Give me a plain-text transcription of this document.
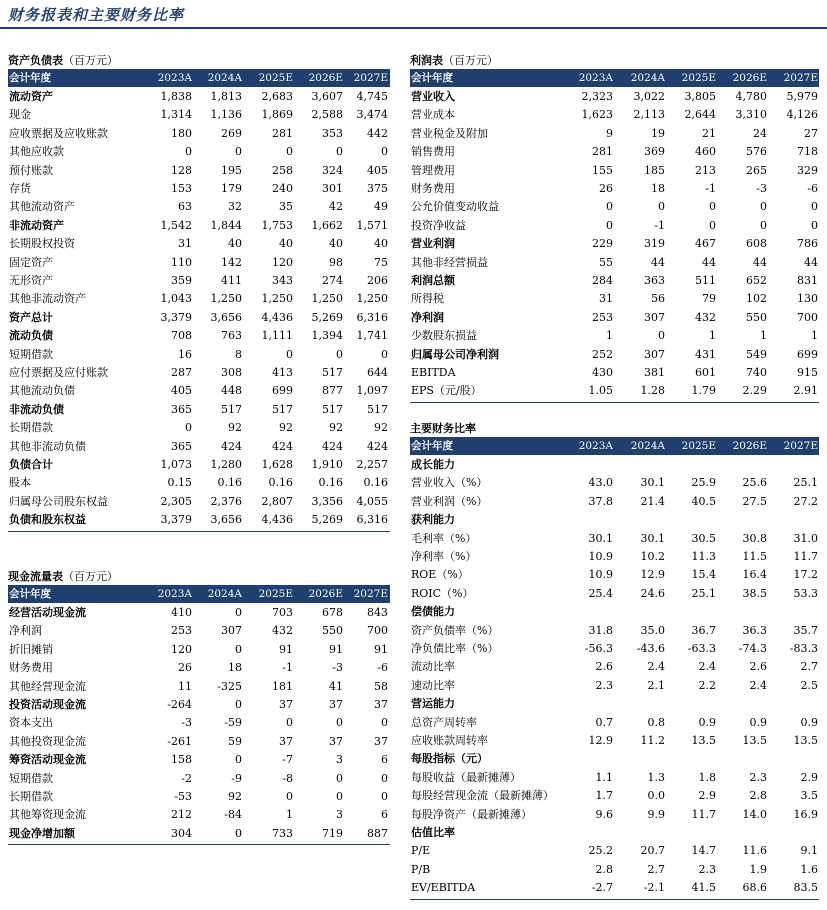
财务报表和主要财务比率
资产负债表（百万元）
会计年度	2023A	2024A	2025E	2026E	2027E
流动资产	1,838	1,813	2,683	3,607	4,745
现金	1,314	1,136	1,869	2,588	3,474
应收票据及应收账款	180	269	281	353	442
其他应收款	0	0	0	0	0
预付账款	128	195	258	324	405
存货	153	179	240	301	375
其他流动资产	63	32	35	42	49
非流动资产	1,542	1,844	1,753	1,662	1,571
长期股权投资	31	40	40	40	40
固定资产	110	142	120	98	75
无形资产	359	411	343	274	206
其他非流动资产	1,043	1,250	1,250	1,250	1,250
资产总计	3,379	3,656	4,436	5,269	6,316
流动负债	708	763	1,111	1,394	1,741
短期借款	16	8	0	0	0
应付票据及应付账款	287	308	413	517	644
其他流动负债	405	448	699	877	1,097
非流动负债	365	517	517	517	517
长期借款	0	92	92	92	92
其他非流动负债	365	424	424	424	424
负债合计	1,073	1,280	1,628	1,910	2,257
股本	0.15	0.16	0.16	0.16	0.16
归属母公司股东权益	2,305	2,376	2,807	3,356	4,055
负债和股东权益	3,379	3,656	4,436	5,269	6,316
利润表（百万元）
会计年度	2023A	2024A	2025E	2026E	2027E
营业收入	2,323	3,022	3,805	4,780	5,979
营业成本	1,623	2,113	2,644	3,310	4,126
营业税金及附加	9	19	21	24	27
销售费用	281	369	460	576	718
管理费用	155	185	213	265	329
财务费用	26	18	-1	-3	-6
公允价值变动收益	0	0	0	0	0
投资净收益	0	-1	0	0	0
营业利润	229	319	467	608	786
其他非经营损益	55	44	44	44	44
利润总额	284	363	511	652	831
所得税	31	56	79	102	130
净利润	253	307	432	550	700
少数股东损益	1	0	1	1	1
归属母公司净利润	252	307	431	549	699
EBITDA	430	381	601	740	915
EPS（元/股）	1.05	1.28	1.79	2.29	2.91
现金流量表（百万元）
会计年度	2023A	2024A	2025E	2026E	2027E
经营活动现金流	410	0	703	678	843
净利润	253	307	432	550	700
折旧摊销	120	0	91	91	91
财务费用	26	18	-1	-3	-6
其他经营现金流	11	-325	181	41	58
投资活动现金流	-264	0	37	37	37
资本支出	-3	-59	0	0	0
其他投资现金流	-261	59	37	37	37
筹资活动现金流	158	0	-7	3	6
短期借款	-2	-9	-8	0	0
长期借款	-53	92	0	0	0
其他筹资现金流	212	-84	1	3	6
现金净增加额	304	0	733	719	887
主要财务比率
会计年度	2023A	2024A	2025E	2026E	2027E
成长能力
营业收入（%）	43.0	30.1	25.9	25.6	25.1
营业利润（%）	37.8	21.4	40.5	27.5	27.2
获利能力
毛利率（%）	30.1	30.1	30.5	30.8	31.0
净利率（%）	10.9	10.2	11.3	11.5	11.7
ROE（%）	10.9	12.9	15.4	16.4	17.2
ROIC（%）	25.4	24.6	25.1	38.5	53.3
偿债能力
资产负债率（%）	31.8	35.0	36.7	36.3	35.7
净负债比率（%）	-56.3	-43.6	-63.3	-74.3	-83.3
流动比率	2.6	2.4	2.4	2.6	2.7
速动比率	2.3	2.1	2.2	2.4	2.5
营运能力
总资产周转率	0.7	0.8	0.9	0.9	0.9
应收账款周转率	12.9	11.2	13.5	13.5	13.5
每股指标（元）
每股收益（最新摊薄）	1.1	1.3	1.8	2.3	2.9
每股经营现金流（最新摊薄）	1.7	0.0	2.9	2.8	3.5
每股净资产（最新摊薄）	9.6	9.9	11.7	14.0	16.9
估值比率
P/E	25.2	20.7	14.7	11.6	9.1
P/B	2.8	2.7	2.3	1.9	1.6
EV/EBITDA	-2.7	-2.1	41.5	68.6	83.5
